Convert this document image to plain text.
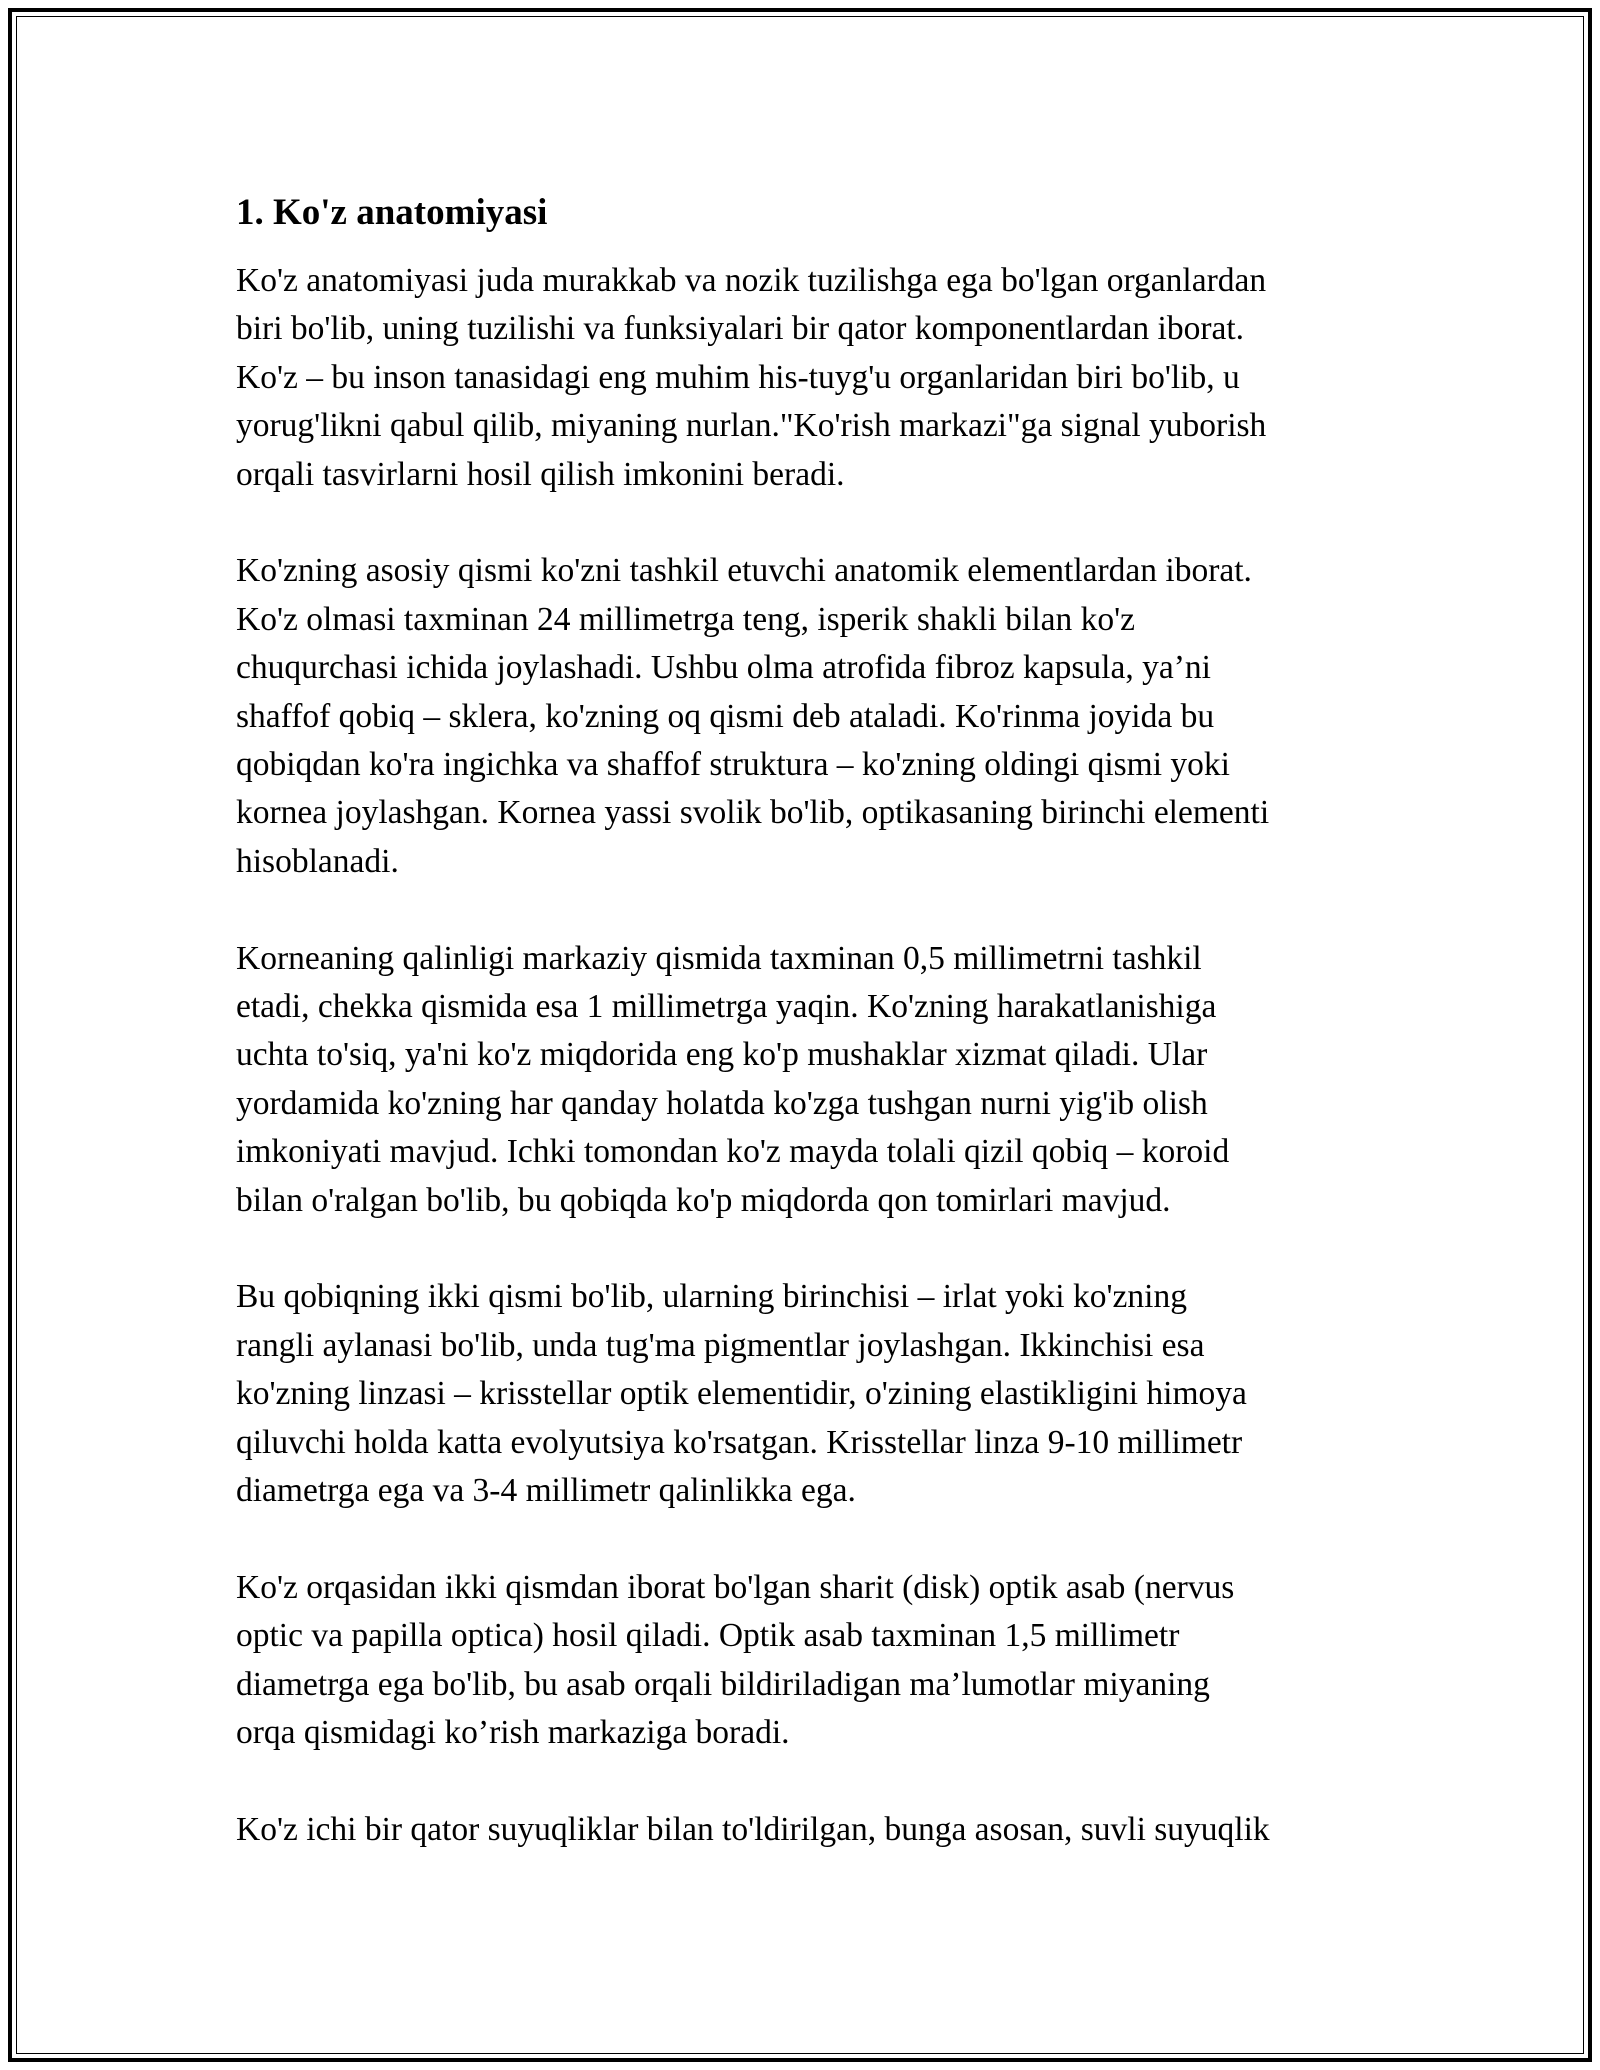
1. Ko'z anatomiyasi

Ko'z anatomiyasi juda murakkab va nozik tuzilishga ega bo'lgan organlardan
biri bo'lib, uning tuzilishi va funksiyalari bir qator komponentlardan iborat.
Ko'z – bu inson tanasidagi eng muhim his-tuyg'u organlaridan biri bo'lib, u
yorug'likni qabul qilib, miyaning nurlan."Ko'rish markazi"ga signal yuborish
orqali tasvirlarni hosil qilish imkonini beradi.

Ko'zning asosiy qismi ko'zni tashkil etuvchi anatomik elementlardan iborat.
Ko'z olmasi taxminan 24 millimetrga teng, isperik shakli bilan ko'z
chuqurchasi ichida joylashadi. Ushbu olma atrofida fibroz kapsula, ya’ni
shaffof qobiq – sklera, ko'zning oq qismi deb ataladi. Ko'rinma joyida bu
qobiqdan ko'ra ingichka va shaffof struktura – ko'zning oldingi qismi yoki
kornea joylashgan. Kornea yassi svolik bo'lib, optikasaning birinchi elementi
hisoblanadi.

Korneaning qalinligi markaziy qismida taxminan 0,5 millimetrni tashkil
etadi, chekka qismida esa 1 millimetrga yaqin. Ko'zning harakatlanishiga
uchta to'siq, ya'ni ko'z miqdorida eng ko'p mushaklar xizmat qiladi. Ular
yordamida ko'zning har qanday holatda ko'zga tushgan nurni yig'ib olish
imkoniyati mavjud. Ichki tomondan ko'z mayda tolali qizil qobiq – koroid
bilan o'ralgan bo'lib, bu qobiqda ko'p miqdorda qon tomirlari mavjud.

Bu qobiqning ikki qismi bo'lib, ularning birinchisi – irlat yoki ko'zning
rangli aylanasi bo'lib, unda tug'ma pigmentlar joylashgan. Ikkinchisi esa
ko'zning linzasi – krisstellar optik elementidir, o'zining elastikligini himoya
qiluvchi holda katta evolyutsiya ko'rsatgan. Krisstellar linza 9-10 millimetr
diametrga ega va 3-4 millimetr qalinlikka ega.

Ko'z orqasidan ikki qismdan iborat bo'lgan sharit (disk) optik asab (nervus
optic va papilla optica) hosil qiladi. Optik asab taxminan 1,5 millimetr
diametrga ega bo'lib, bu asab orqali bildiriladigan ma’lumotlar miyaning
orqa qismidagi ko’rish markaziga boradi.

Ko'z ichi bir qator suyuqliklar bilan to'ldirilgan, bunga asosan, suvli suyuqlik
